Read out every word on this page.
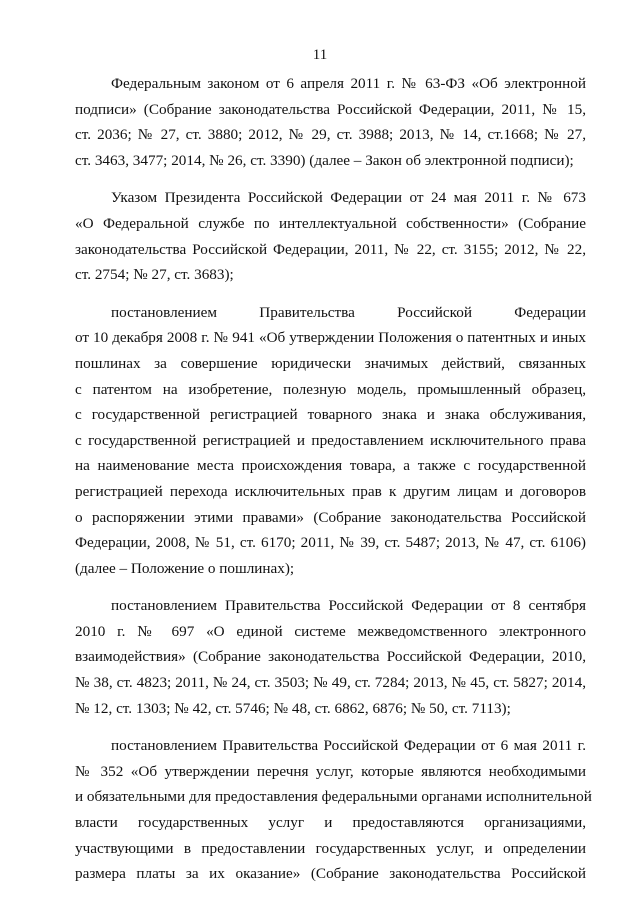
11
Федеральным законом от 6 апреля 2011 г. № 63-ФЗ «Об электронной
подписи» (Собрание законодательства Российской Федерации, 2011, № 15,
ст. 2036; № 27, ст. 3880; 2012, № 29, ст. 3988; 2013, № 14, ст.1668; № 27,
ст. 3463, 3477; 2014, № 26, ст. 3390) (далее – Закон об электронной подписи);
Указом Президента Российской Федерации от 24 мая 2011 г. № 673
«О Федеральной службе по интеллектуальной собственности» (Собрание
законодательства Российской Федерации, 2011, № 22, ст. 3155; 2012, № 22,
ст. 2754; № 27, ст. 3683);
постановлением Правительства Российской Федерации
от 10 декабря 2008 г. № 941 «Об утверждении Положения о патентных и иных
пошлинах за совершение юридически значимых действий, связанных
с патентом на изобретение, полезную модель, промышленный образец,
с государственной регистрацией товарного знака и знака обслуживания,
с государственной регистрацией и предоставлением исключительного права
на наименование места происхождения товара, а также с государственной
регистрацией перехода исключительных прав к другим лицам и договоров
о распоряжении этими правами» (Собрание законодательства Российской
Федерации, 2008, № 51, ст. 6170; 2011, № 39, ст. 5487; 2013, № 47, ст. 6106)
(далее – Положение о пошлинах);
постановлением Правительства Российской Федерации от 8 сентября
2010 г. № 697 «О единой системе межведомственного электронного
взаимодействия» (Собрание законодательства Российской Федерации, 2010,
№ 38, ст. 4823; 2011, № 24, ст. 3503; № 49, ст. 7284; 2013, № 45, ст. 5827; 2014,
№ 12, ст. 1303; № 42, ст. 5746; № 48, ст. 6862, 6876; № 50, ст. 7113);
постановлением Правительства Российской Федерации от 6 мая 2011 г.
№ 352 «Об утверждении перечня услуг, которые являются необходимыми
и обязательными для предоставления федеральными органами исполнительной
власти государственных услуг и предоставляются организациями,
участвующими в предоставлении государственных услуг, и определении
размера платы за их оказание» (Собрание законодательства Российской
